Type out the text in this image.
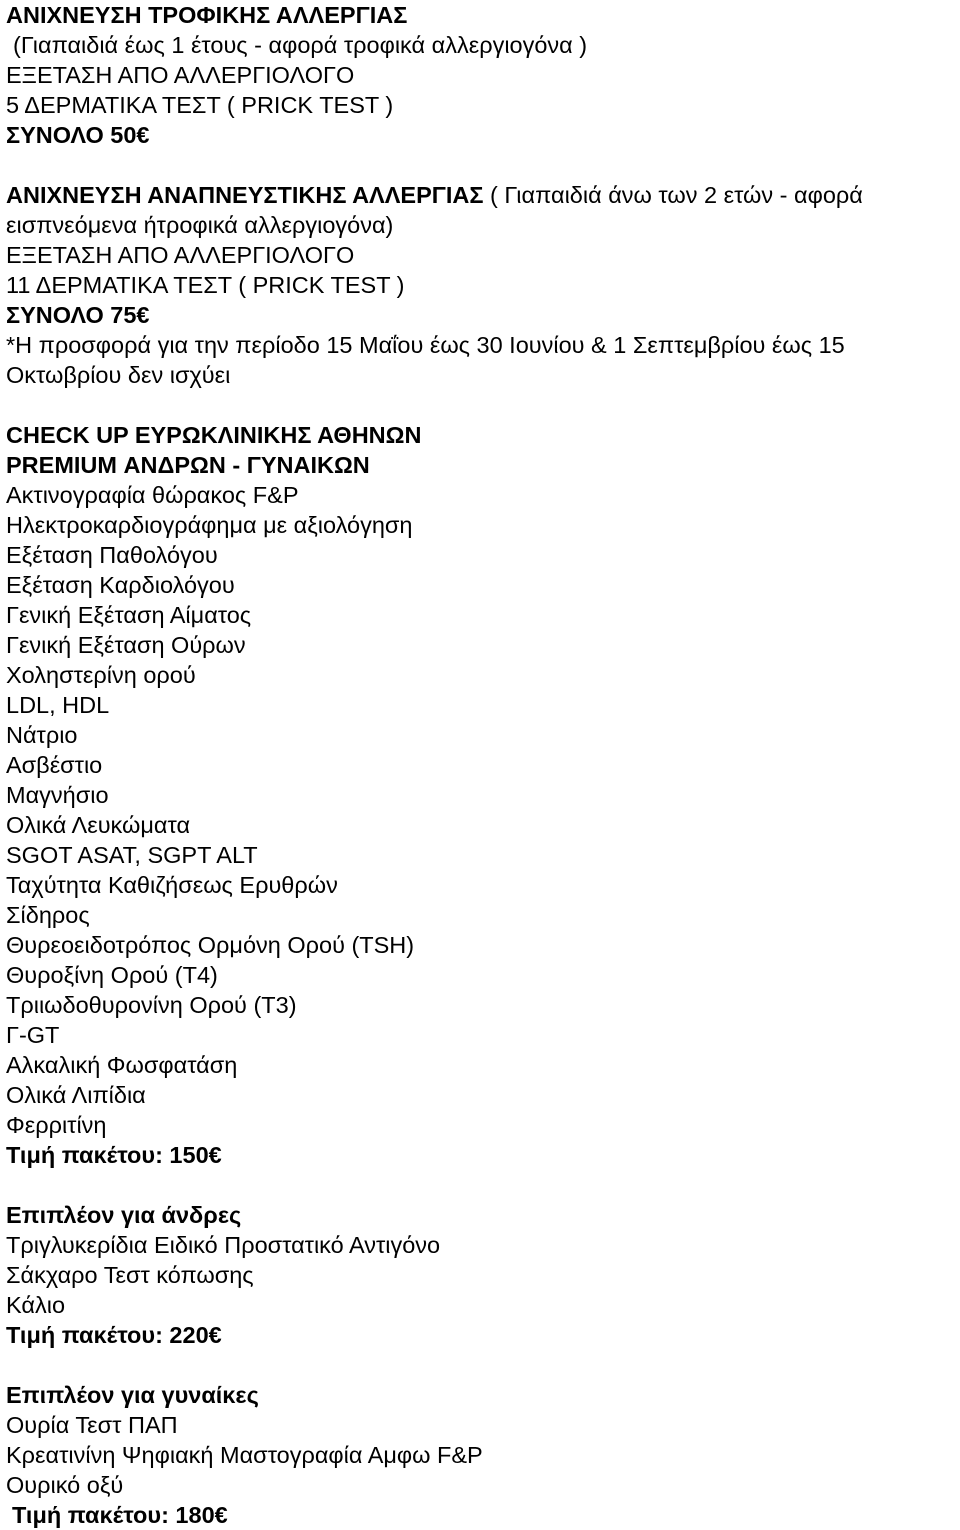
ΑΝΙΧΝΕΥΣΗ ΤΡΟΦΙΚΗΣ ΑΛΛΕΡΓΙΑΣ
(Γιαπαιδιά έως 1 έτους - αφορά τροφικά αλλεργιογόνα )
ΕΞΕΤΑΣΗ ΑΠΟ ΑΛΛΕΡΓΙΟΛΟΓΟ
5 ΔΕΡΜΑΤΙΚΑ ΤΕΣΤ ( PRICK TEST )
ΣΥΝΟΛΟ 50€
ΑΝΙΧΝΕΥΣΗ ΑΝΑΠΝΕΥΣΤΙΚΗΣ ΑΛΛΕΡΓΙΑΣ ( Γιαπαιδιά άνω των 2 ετών - αφορά
εισπνεόμενα ήτροφικά αλλεργιογόνα)
ΕΞΕΤΑΣΗ ΑΠΟ ΑΛΛΕΡΓΙΟΛΟΓΟ
11 ΔΕΡΜΑΤΙΚΑ ΤΕΣΤ ( PRICK TEST )
ΣΥΝΟΛΟ 75€
*Η προσφορά για την περίοδο 15 Μαΐου έως 30 Ιουνίου & 1 Σεπτεμβρίου έως 15
Οκτωβρίου δεν ισχύει
CHECK UP ΕΥΡΩΚΛΙΝΙΚΗΣ ΑΘΗΝΩΝ
PREMIUM ΑΝΔΡΩΝ - ΓΥΝΑΙΚΩΝ
Ακτινογραφία θώρακος F&P
Ηλεκτροκαρδιογράφημα με αξιολόγηση
Εξέταση Παθολόγου
Εξέταση Καρδιολόγου
Γενική Εξέταση Αίματος
Γενική Εξέταση Ούρων
Χοληστερίνη ορού
LDL, HDL
Νάτριο
Ασβέστιο
Μαγνήσιο
Ολικά Λευκώματα
SGOT ASAT, SGPT ALT
Ταχύτητα Καθιζήσεως Ερυθρών
Σίδηρος
Θυρεοειδοτρόπος Ορμόνη Ορού (TSH)
Θυροξίνη Ορού (T4)
Τριιωδοθυρονίνη Ορού (T3)
Γ-GT
Αλκαλική Φωσφατάση
Ολικά Λιπίδια
Φερριτίνη
Τιμή πακέτου: 150€
Επιπλέον για άνδρες
Τριγλυκερίδια Ειδικό Προστατικό Αντιγόνο
Σάκχαρο Τεστ κόπωσης
Κάλιο
Τιμή πακέτου: 220€
Επιπλέον για γυναίκες
Ουρία Τεστ ΠΑΠ
Κρεατινίνη Ψηφιακή Μαστογραφία Αμφω F&P
Ουρικό οξύ
Τιμή πακέτου: 180€
